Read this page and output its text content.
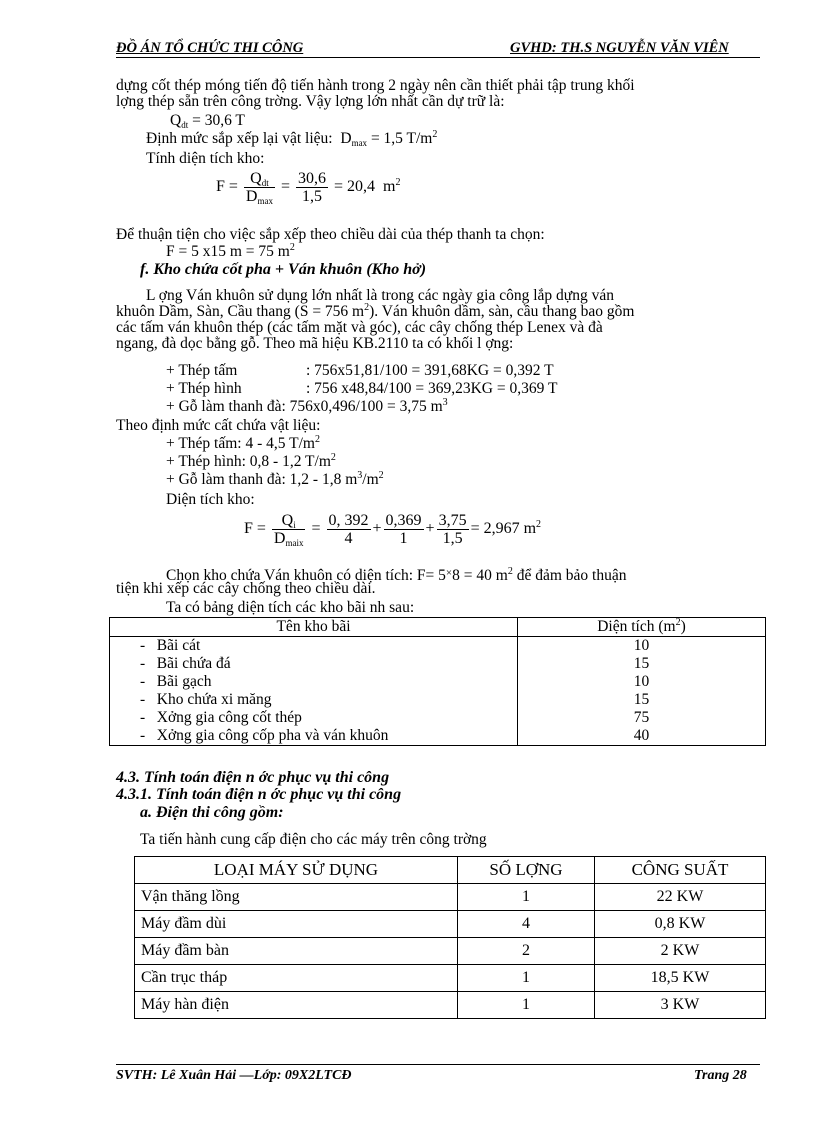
ĐỒ ÁN TỔ CHỨC THI CÔNG	GVHD: TH.S NGUYỄN VĂN VIÊN
dựng cốt thép móng tiến độ tiến hành trong 2 ngày nên cần thiết phải tập trung khối
lợng thép sẵn trên công trờng. Vậy lợng lớn nhất cần dự trữ là:
$Q_{dt} = 30,6$ T
Định mức sắp xếp lại vật liệu:  $D_{max} = 1,5$ $T/m^2$
Tính diện tích kho:
$F = \frac{Q_{dt}}{D_{max}} = \frac{30,6}{1,5} = 20,4$  $m^2$
Để thuận tiện cho việc sắp xếp theo chiều dài của thép thanh ta chọn:
F = 5 x15 m = 75 $m^2$
f. Kho chứa cốt pha + Ván khuôn (Kho hở)
L ợng Ván khuôn sử dụng lớn nhất là trong các ngày gia công lắp dựng ván
khuôn Dầm, Sàn, Cầu thang (S = 756 $m^2$). Ván khuôn dầm, sàn, cầu thang bao gồm
các tấm ván khuôn thép (các tấm mặt và góc), các cây chống thép Lenex và đà
ngang, đà dọc bằng gỗ. Theo mã hiệu KB.2110 ta có khối l ợng:
+ Thép tấm	: 756x51,81/100 = 391,68KG = 0,392 T
+ Thép hình	: 756 x48,84/100 = 369,23KG = 0,369 T
+ Gỗ làm thanh đà: 756x0,496/100 = 3,75 $m^3$
Theo định mức cất chứa vật liệu:
+ Thép tấm: 4 - 4,5 $T/m^2$
+ Thép hình: 0,8 - 1,2 $T/m^2$
+ Gỗ làm thanh đà: 1,2 - 1,8 $m^3/m^2$
Diện tích kho:
$F = \frac{Q_i}{D_{maix}} = \frac{0, 392}{4} + \frac{0,369}{1} + \frac{3,75}{1,5} = 2,967$ $m^2$
Chọn kho chứa Ván khuôn có diện tích: F= 5×8 = 40 $m^2$ để đảm bảo thuận
tiện khi xếp các cây chống theo chiều dài.
Ta có bảng diện tích các kho bãi nh sau:
Tên kho bãi	Diện tích $(m^2)$
-   Bãi cát	10
-   Bãi chứa đá	15
-   Bãi gạch	10
-   Kho chứa xi măng	15
-   Xởng gia công cốt thép	75
-   Xởng gia công cốp pha và ván khuôn	40
4.3. Tính toán điện n ớc phục vụ thi công
4.3.1. Tính toán điện n ớc phục vụ thi công
a. Điện thi công gồm:
Ta tiến hành cung cấp điện cho các máy trên công trờng
LOẠI MÁY SỬ DỤNG	SỐ LỢNG	CÔNG SUẤT
Vận thăng lồng	1	22 KW
Máy đầm dùi	4	0,8 KW
Máy đầm bàn	2	2 KW
Cần trục tháp	1	18,5 KW
Máy hàn điện	1	3 KW
SVTH: Lê Xuân Hải —Lớp: 09X2LTCĐ	Trang 28
